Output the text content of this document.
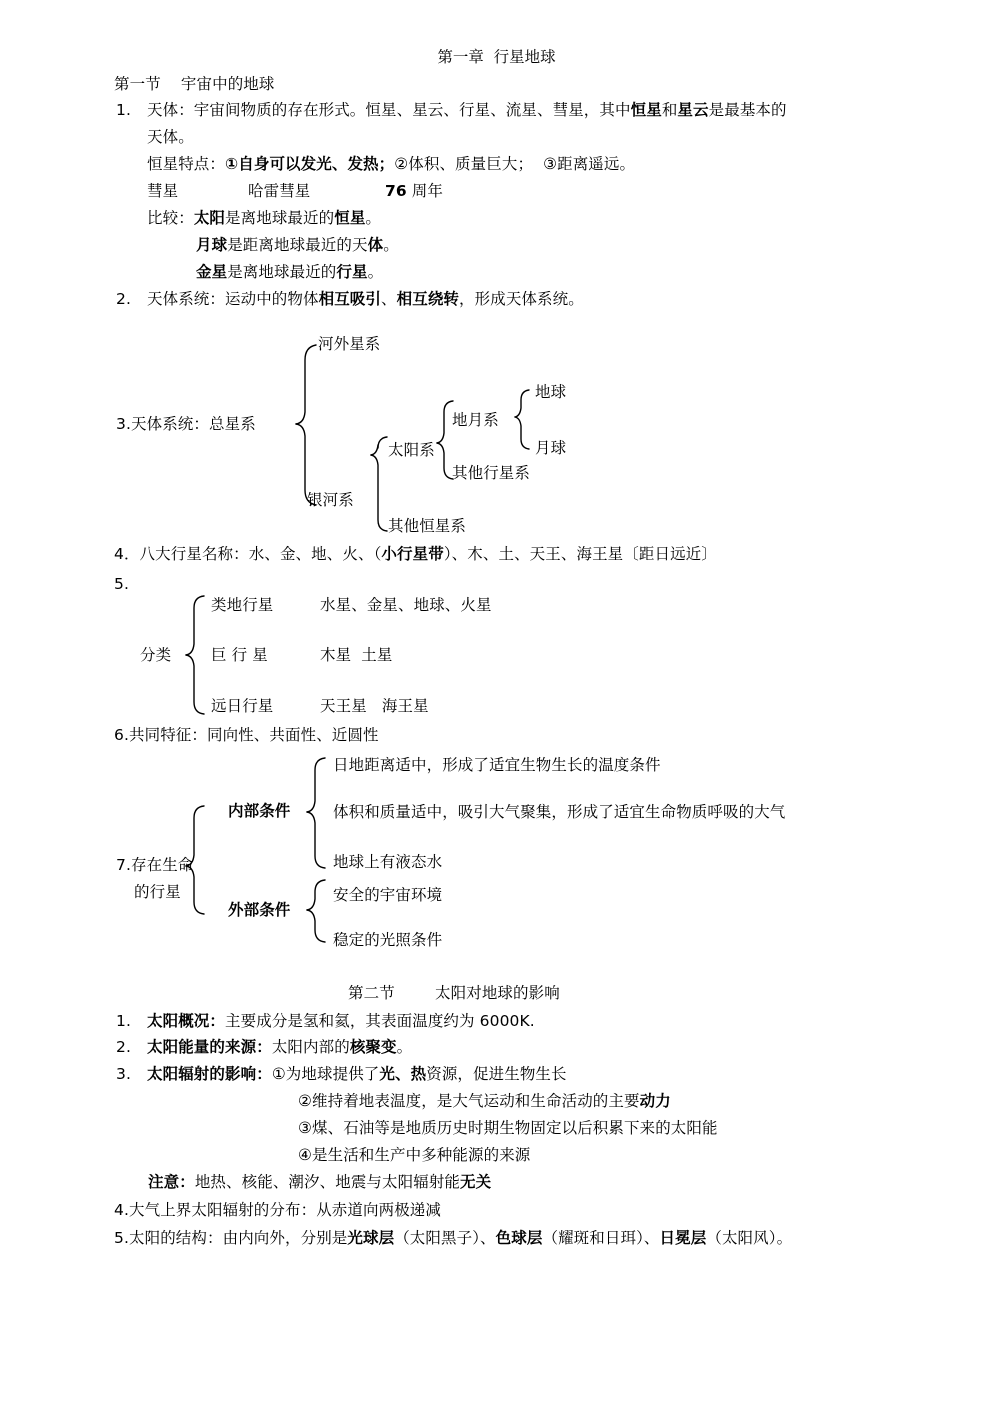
第一章  行星地球
第一节    宇宙中的地球
1. 天体：宇宙间物质的存在形式。恒星、星云、行星、流星、彗星，其中恒星和星云是最基本的
天体。
恒星特点：①自身可以发光、发热；②体积、质量巨大；  ③距离遥远。
彗星	哈雷彗星	76 周年
比较：太阳是离地球最近的恒星。
月球是距离地球最近的天体。
金星是离地球最近的行星。
2. 天体系统：运动中的物体相互吸引、相互绕转，形成天体系统。
3.天体系统：总星系
河外星系
银河系
太阳系
其他恒星系
地月系
其他行星系
地球
月球
4．八大行星名称：水、金、地、火、（小行星带）、木、土、天王、海王星〔距日远近〕
5.
分类
类地行星	水星、金星、地球、火星
巨 行 星	木星  土星
远日行星	天王星   海王星
6.共同特征：同向性、共面性、近圆性
7.存在生命
的行星
内部条件
外部条件
日地距离适中，形成了适宜生物生长的温度条件
体积和质量适中，吸引大气聚集，形成了适宜生命物质呼吸的大气
地球上有液态水
安全的宇宙环境
稳定的光照条件
第二节        太阳对地球的影响
1. 太阳概况：主要成分是氢和氦，其表面温度约为 6000K.
2. 太阳能量的来源：太阳内部的核聚变。
3. 太阳辐射的影响：①为地球提供了光、热资源，促进生物生长
②维持着地表温度，是大气运动和生命活动的主要动力
③煤、石油等是地质历史时期生物固定以后积累下来的太阳能
④是生活和生产中多种能源的来源
注意：地热、核能、潮汐、地震与太阳辐射能无关
4.大气上界太阳辐射的分布：从赤道向两极递减
5.太阳的结构：由内向外，分别是光球层（太阳黑子）、色球层（耀斑和日珥）、日冕层（太阳风）。
